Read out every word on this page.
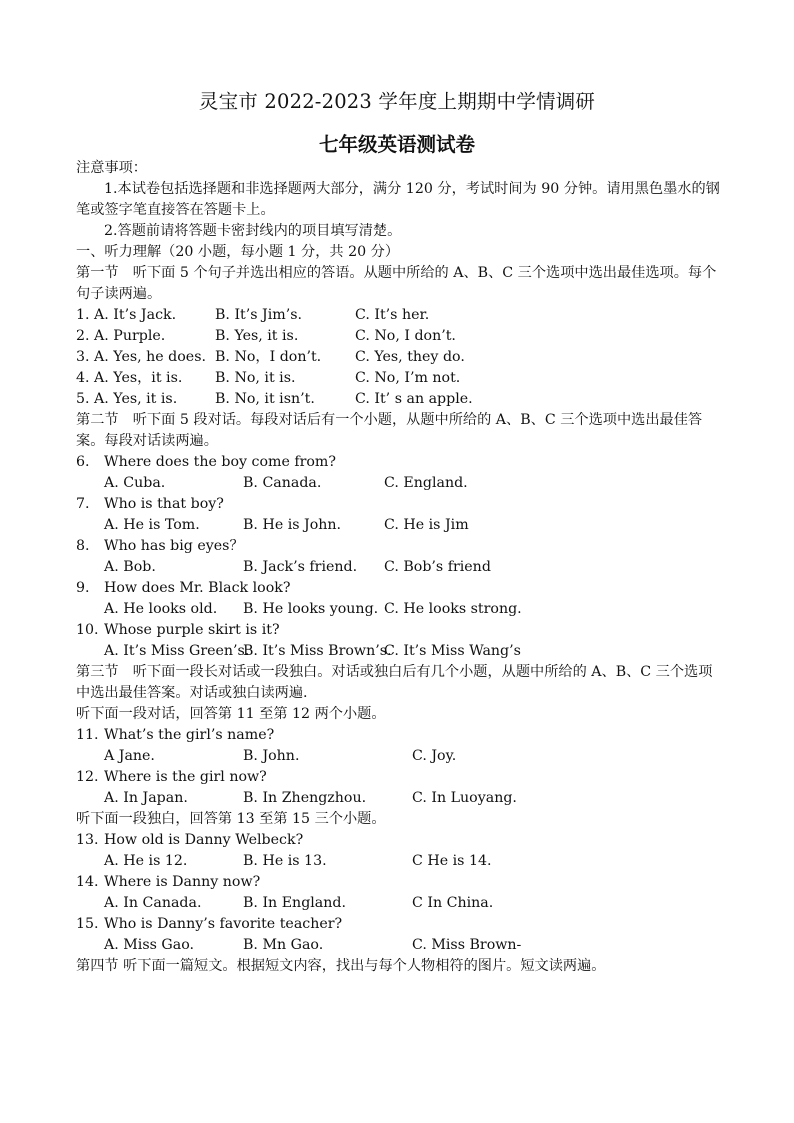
灵宝市 2022-2023 学年度上期期中学情调研
七年级英语测试卷
注意事项：
1.本试卷包括选择题和非选择题两大部分，满分 120 分，考试时间为 90 分钟。请用黑色墨水的钢笔或签字笔直接答在答题卡上。
2.答题前请将答题卡密封线内的项目填写清楚。
一、听力理解（20 小题，每小题 1 分，共 20 分）
第一节　听下面 5 个句子并选出相应的答语。从题中所给的 A、B、C 三个选项中选出最佳选项。每个句子读两遍。
1. A. It’s Jack.	B. It’s Jim’s.	C. It’s her.
2. A. Purple.	B. Yes, it is.	C. No, I don’t.
3. A. Yes, he does. B. No，I don’t. C. Yes, they do.
4. A. Yes，it is. B. No, it is.	C. No, I’m not.
5. A. Yes, it is.	B. No, it isn’t.	C. It’ s an apple.
第二节　听下面 5 段对话。每段对话后有一个小题，从题中所给的 A、B、C 三个选项中选出最佳答案。每段对话读两遍。
6. Where does the boy come from?
A. Cuba.	B. Canada.	C. England.
7. Who is that boy?
A. He is Tom.	B. He is John.	C. He is Jim
8. Who has big eyes？
A. Bob.	B. Jack’s friend. C. Bob’s friend
9. How does Mr. Black look?
A. He looks old. B. He looks young. C. He looks strong.
10. Whose purple skirt is it?
A. It’s Miss Green’s.
B. It’s Miss Brown’s.
C. It’s Miss Wang’s
第三节　听下面一段长对话或一段独白。对话或独白后有几个小题，从题中所给的 A、B、C 三个选项中选出最佳答案。对话或独白读两遍.
听下面一段对话，回答第 11 至第 12 两个小题。
11. What’s the girl’s name?
A Jane.	B. John.	C. Joy.
12. Where is the girl now?
A. In Japan.	B. In Zhengzhou.	C. In Luoyang.
听下面一段独白，回答第 13 至第 15 三个小题。
13. How old is Danny Welbeck?
A. He is 12.	B. He is 13.	C He is 14.
14. Where is Danny now?
A. In Canada.	B. In England.	C In China.
15. Who is Danny’s favorite teacher?
A. Miss Gao.	B. Mn Gao.	C. Miss Brown-
第四节 听下面一篇短文。根据短文内容，找出与每个人物相符的图片。短文读两遍。
